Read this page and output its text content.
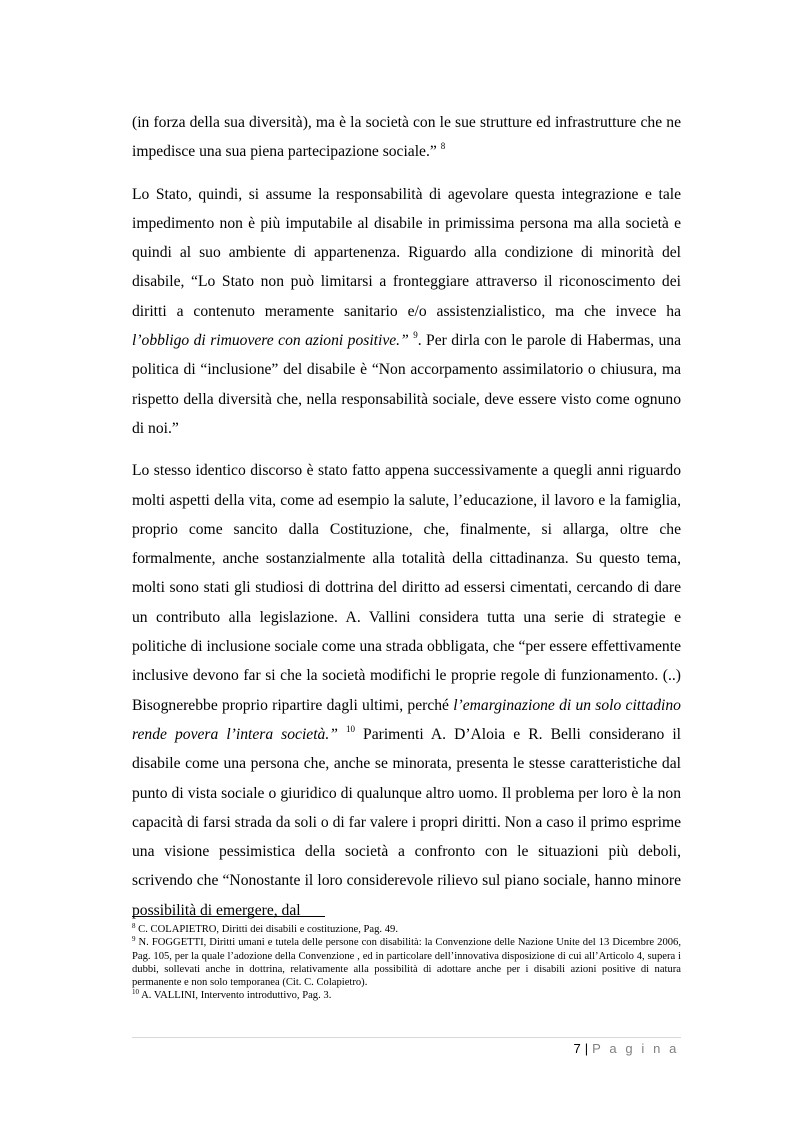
(in forza della sua diversità), ma è la società con le sue strutture ed infrastrutture che ne impedisce una sua piena partecipazione sociale.” $^8$

Lo Stato, quindi, si assume la responsabilità di agevolare questa integrazione e tale impedimento non è più imputabile al disabile in primissima persona ma alla società e quindi al suo ambiente di appartenenza. Riguardo alla condizione di minorità del disabile, “Lo Stato non può limitarsi a fronteggiare attraverso il riconoscimento dei diritti a contenuto meramente sanitario e/o assistenzialistico, ma che invece ha l’obbligo di rimuovere con azioni positive.” $^9$. Per dirla con le parole di Habermas, una politica di “inclusione” del disabile è “Non accorpamento assimilatorio o chiusura, ma rispetto della diversità che, nella responsabilità sociale, deve essere visto come ognuno di noi.”

Lo stesso identico discorso è stato fatto appena successivamente a quegli anni riguardo molti aspetti della vita, come ad esempio la salute, l’educazione, il lavoro e la famiglia, proprio come sancito dalla Costituzione, che, finalmente, si allarga, oltre che formalmente, anche sostanzialmente alla totalità della cittadinanza. Su questo tema, molti sono stati gli studiosi di dottrina del diritto ad essersi cimentati, cercando di dare un contributo alla legislazione. A. Vallini considera tutta una serie di strategie e politiche di inclusione sociale come una strada obbligata, che “per essere effettivamente inclusive devono far si che la società modifichi le proprie regole di funzionamento. (..) Bisognerebbe proprio ripartire dagli ultimi, perché l’emarginazione di un solo cittadino rende povera l’intera società.” $^{10}$ Parimenti A. D’Aloia e R. Belli considerano il disabile come una persona che, anche se minorata, presenta le stesse caratteristiche dal punto di vista sociale o giuridico di qualunque altro uomo. Il problema per loro è la non capacità di farsi strada da soli o di far valere i propri diritti. Non a caso il primo esprime una visione pessimistica della società a confronto con le situazioni più deboli, scrivendo che “Nonostante il loro considerevole rilievo sul piano sociale, hanno minore possibilità di emergere, dal

$^8$ C. COLAPIETRO, Diritti dei disabili e costituzione, Pag. 49.

$^9$ N. FOGGETTI, Diritti umani e tutela delle persone con disabilità: la Convenzione delle Nazione Unite del 13 Dicembre 2006, Pag. 105, per la quale l’adozione della Convenzione , ed in particolare dell’innovativa disposizione di cui all’Articolo 4, supera i dubbi, sollevati anche in dottrina, relativamente alla possibilità di adottare anche per i disabili azioni positive di natura permanente e non solo temporanea (Cit. C. Colapietro).

$^{10}$ A. VALLINI, Intervento introduttivo, Pag. 3.

7 | P a g i n a
